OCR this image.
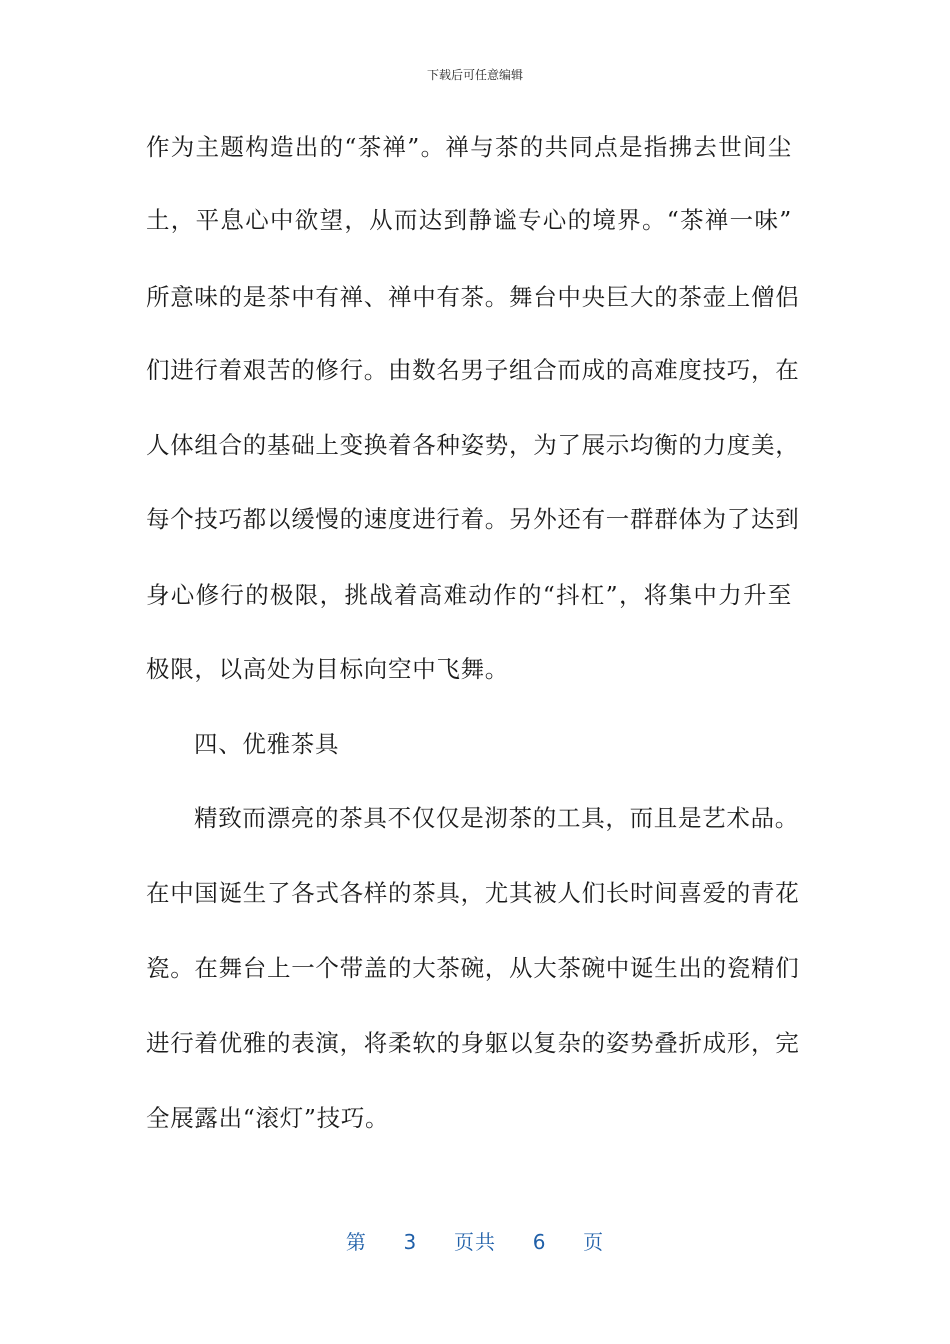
下载后可任意编辑
作为主题构造出的“茶禅”。禅与茶的共同点是指拂去世间尘
土，平息心中欲望，从而达到静谧专心的境界。“茶禅一味”
所意味的是茶中有禅、禅中有茶。舞台中央巨大的茶壶上僧侣
们进行着艰苦的修行。由数名男子组合而成的高难度技巧，在
人体组合的基础上变换着各种姿势，为了展示均衡的力度美，
每个技巧都以缓慢的速度进行着。另外还有一群群体为了达到
身心修行的极限，挑战着高难动作的“抖杠”，将集中力升至
极限，以高处为目标向空中飞舞。
四、优雅茶具
精致而漂亮的茶具不仅仅是沏茶的工具，而且是艺术品。
在中国诞生了各式各样的茶具，尤其被人们长时间喜爱的青花
瓷。在舞台上一个带盖的大茶碗，从大茶碗中诞生出的瓷精们
进行着优雅的表演，将柔软的身躯以复杂的姿势叠折成形，完
全展露出“滚灯”技巧。
第 3 页共 6 页
